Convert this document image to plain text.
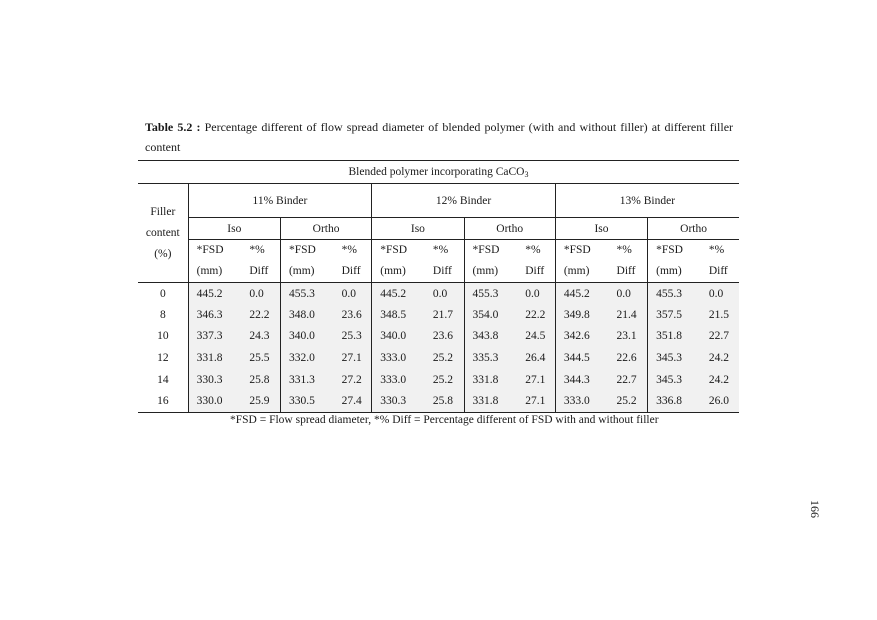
Table 5.2 : Percentage different of flow spread diameter of blended polymer (with and without filler) at different filler content
Blended polymer incorporating CaCO$_3$

Filler
content
(%)	11% Binder				12% Binder				13% Binder			
	Iso		Ortho		Iso		Ortho		Iso		Ortho	
	*FSD	*%	*FSD	*%	*FSD	*%	*FSD	*%	*FSD	*%	*FSD	*%
	(mm)	Diff	(mm)	Diff	(mm)	Diff	(mm)	Diff	(mm)	Diff	(mm)	Diff
0	445.2	0.0	455.3	0.0	445.2	0.0	455.3	0.0	445.2	0.0	455.3	0.0
8	346.3	22.2	348.0	23.6	348.5	21.7	354.0	22.2	349.8	21.4	357.5	21.5
10	337.3	24.3	340.0	25.3	340.0	23.6	343.8	24.5	342.6	23.1	351.8	22.7
12	331.8	25.5	332.0	27.1	333.0	25.2	335.3	26.4	344.5	22.6	345.3	24.2
14	330.3	25.8	331.3	27.2	333.0	25.2	331.8	27.1	344.3	22.7	345.3	24.2
16	330.0	25.9	330.5	27.4	330.3	25.8	331.8	27.1	333.0	25.2	336.8	26.0
*FSD = Flow spread diameter, *% Diff = Percentage different of FSD with and without filler
166
